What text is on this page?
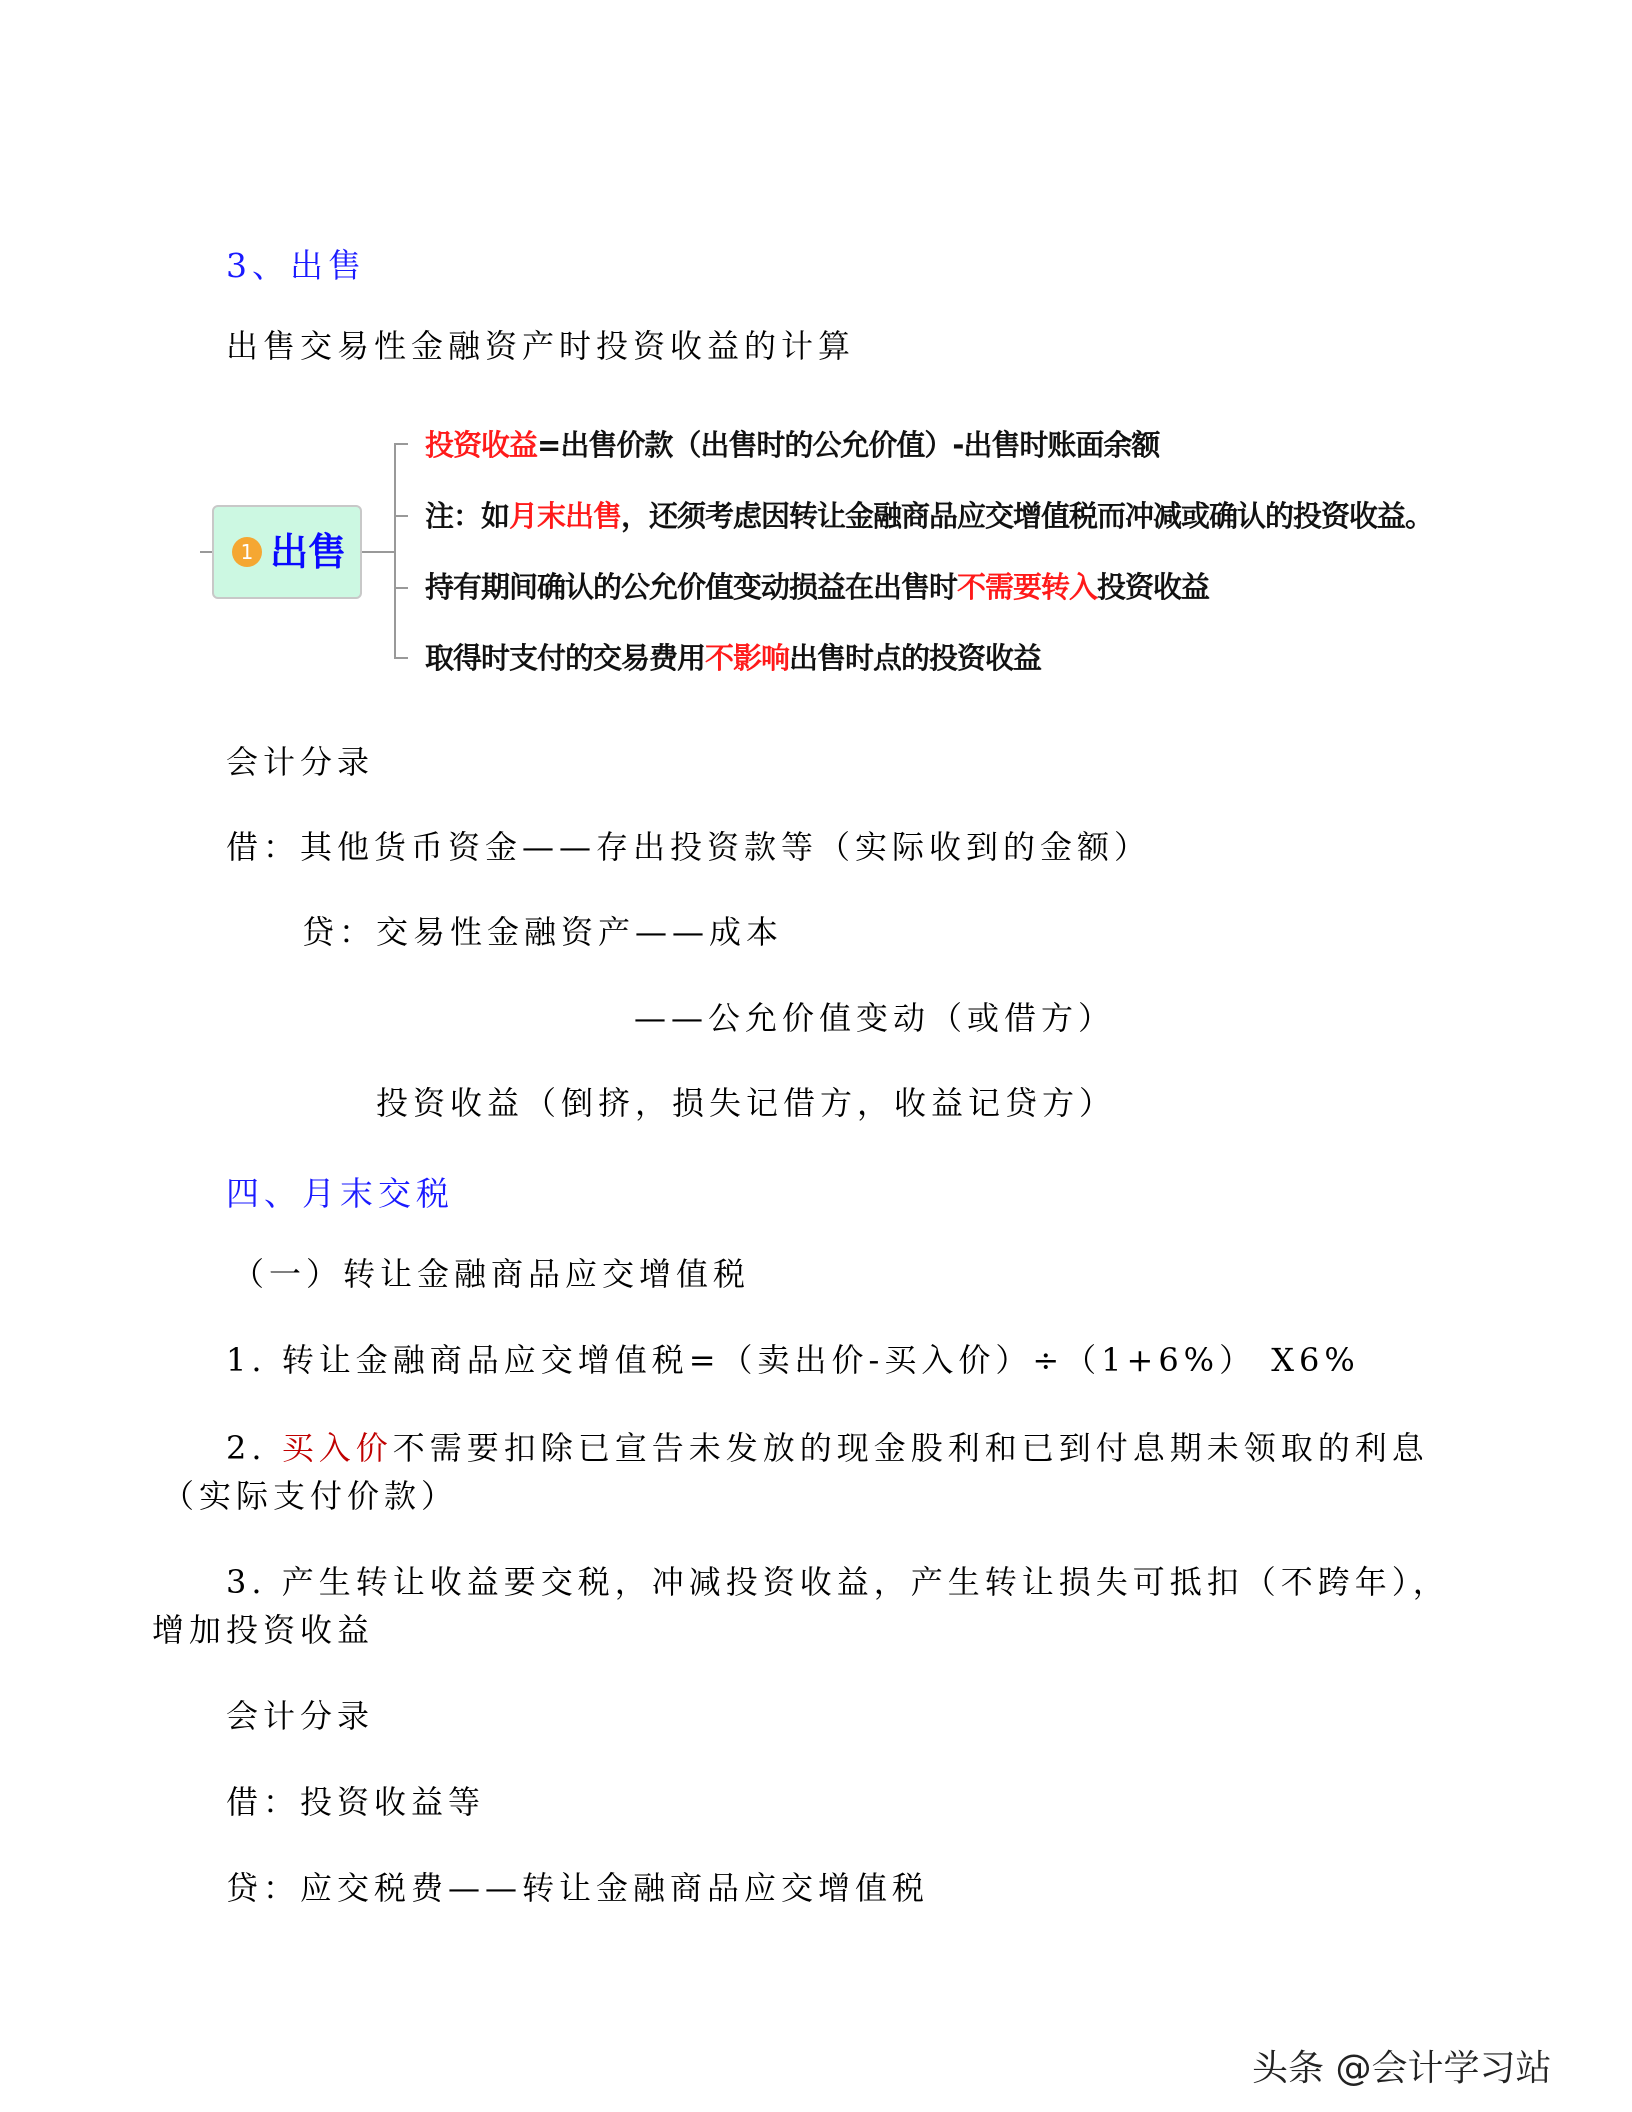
3、出售
出售交易性金融资产时投资收益的计算
1 出售
投资收益=出售价款（出售时的公允价值）-出售时账面余额
注：如月末出售，还须考虑因转让金融商品应交增值税而冲减或确认的投资收益。
持有期间确认的公允价值变动损益在出售时不需要转入投资收益
取得时支付的交易费用不影响出售时点的投资收益
会计分录
借：其他货币资金——存出投资款等（实际收到的金额）
贷：交易性金融资产——成本
——公允价值变动（或借方）
投资收益（倒挤，损失记借方，收益记贷方）
四、月末交税
（一）转让金融商品应交增值税
1. 转让金融商品应交增值税=（卖出价-买入价）÷（1+6%） X6%
2. 买入价不需要扣除已宣告未发放的现金股利和已到付息期未领取的利息
（实际支付价款）
3. 产生转让收益要交税，冲减投资收益，产生转让损失可抵扣（不跨年），
增加投资收益
会计分录
借：投资收益等
贷：应交税费——转让金融商品应交增值税
头条 @会计学习站
